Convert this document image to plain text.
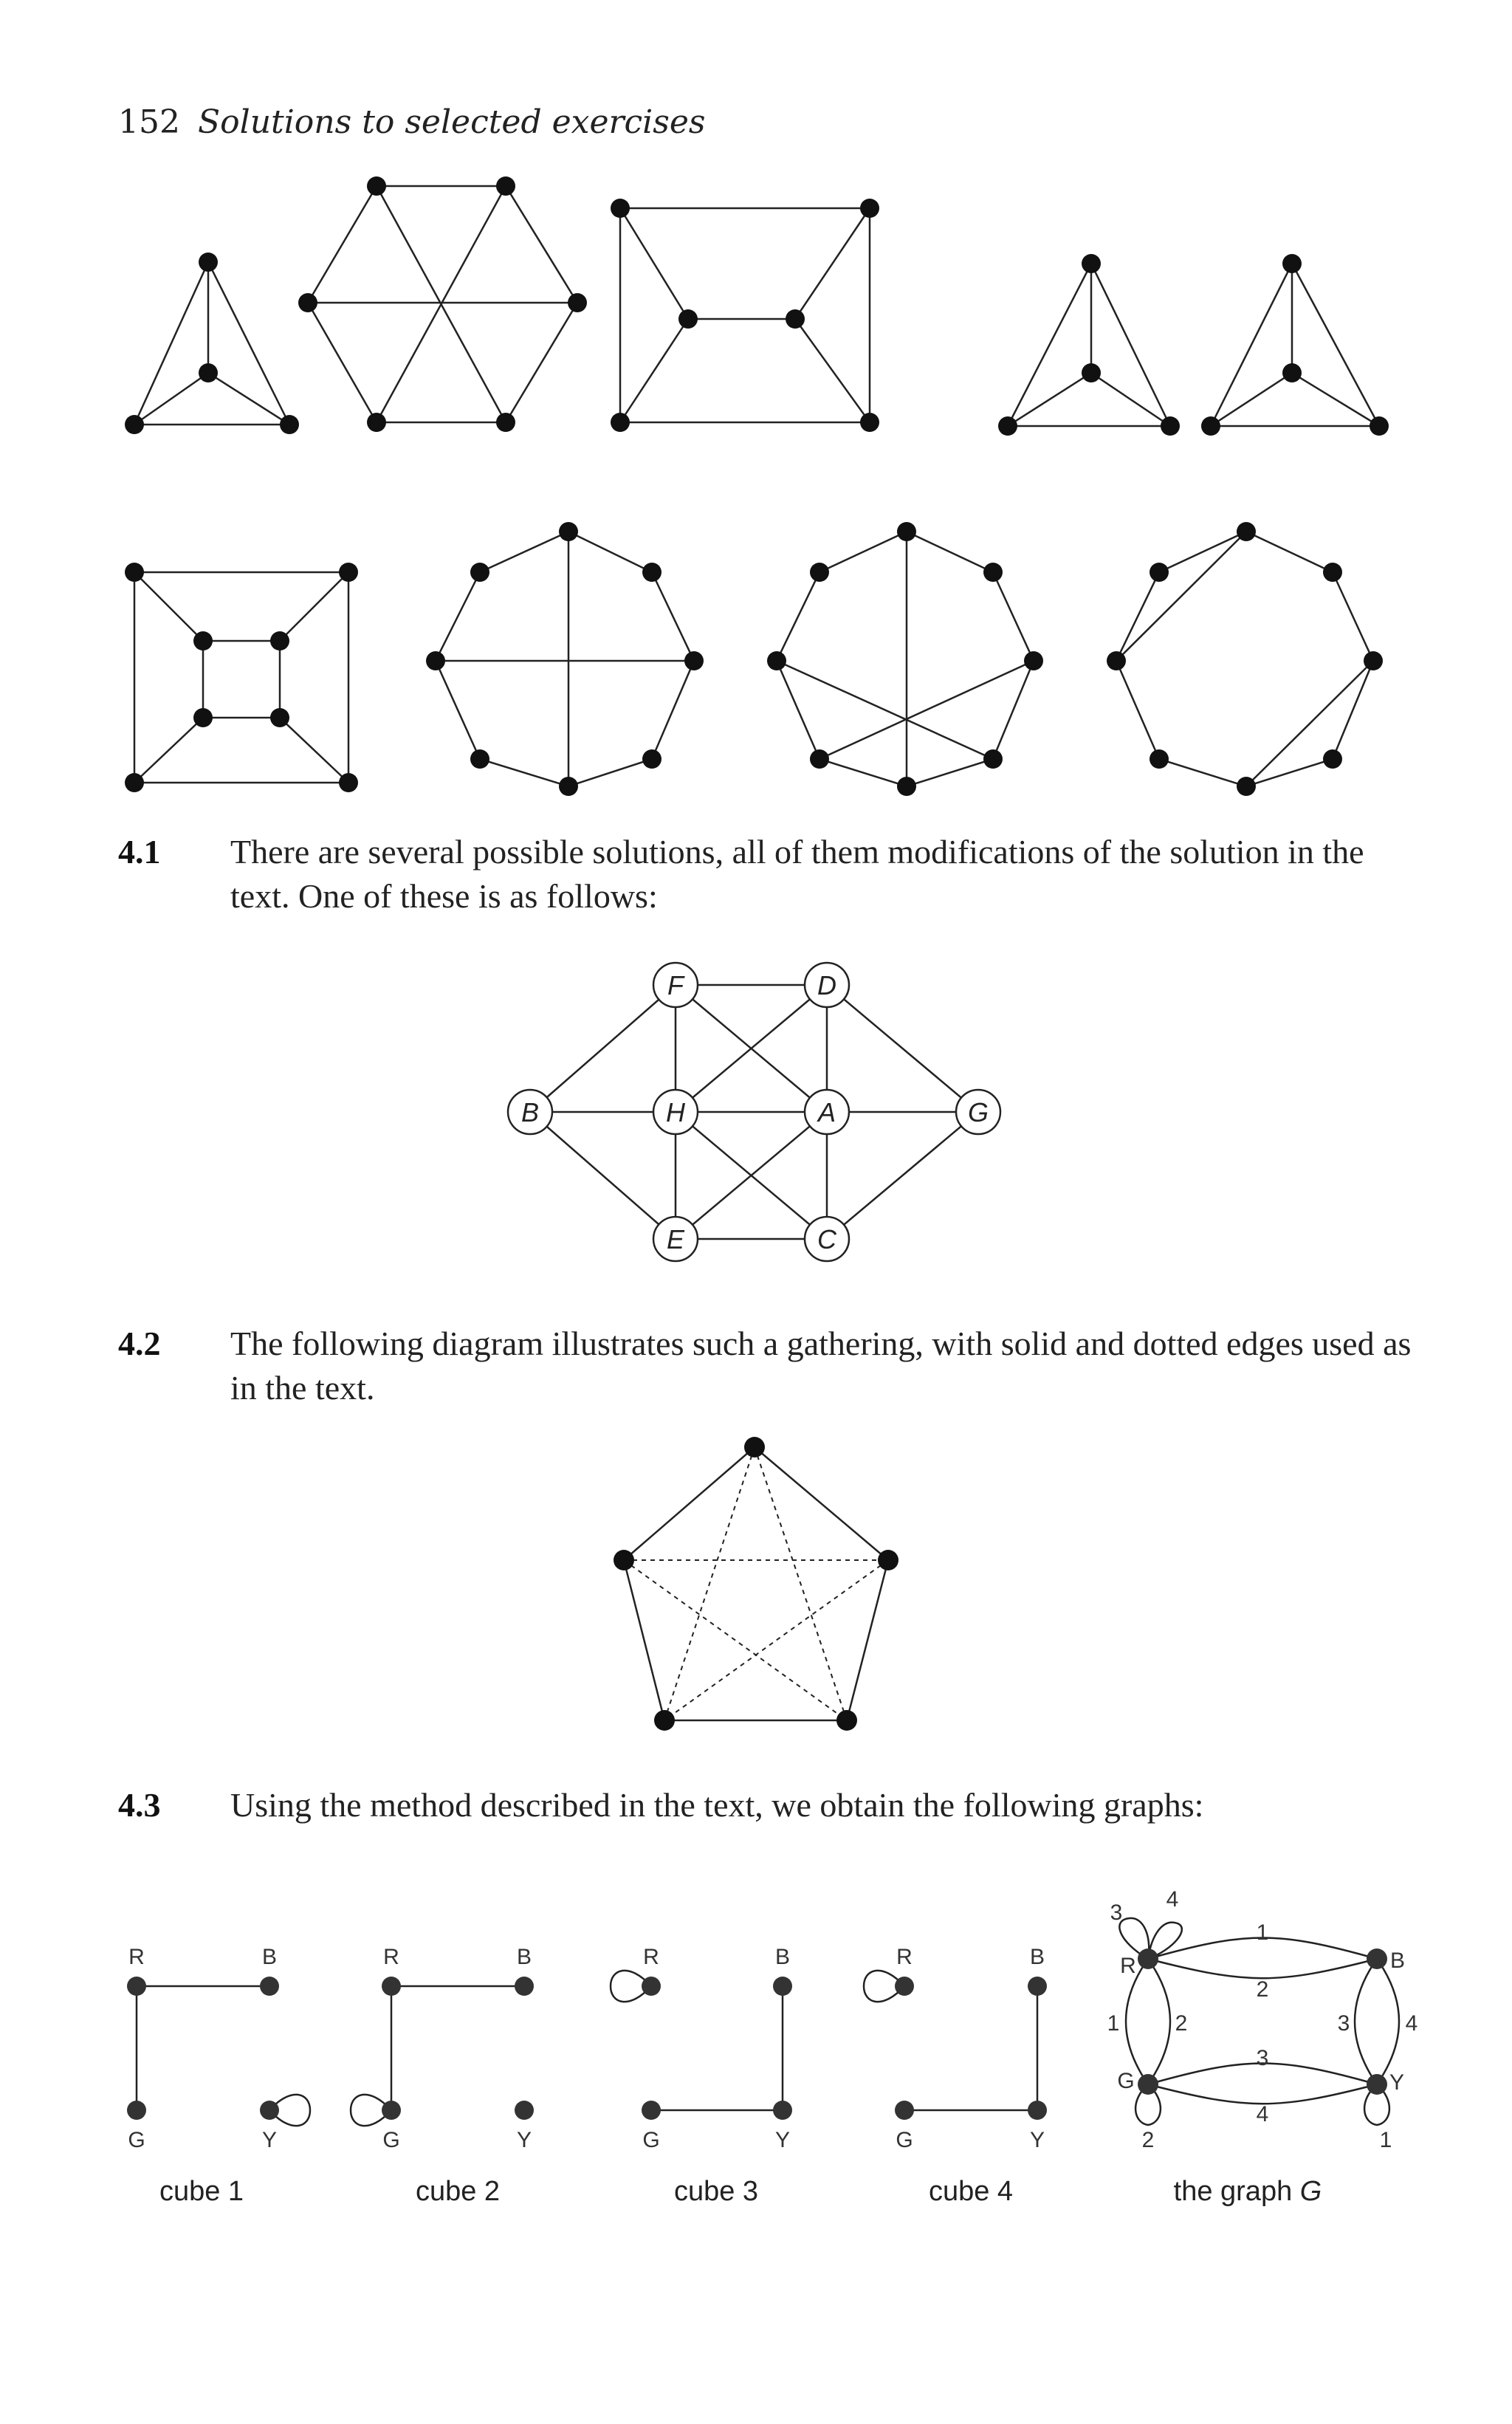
152 Solutions to selected exercises
4.1 There are several possible solutions, all of them modifications of the solution in the text. One of these is as follows:
F	D
B	H	A	G
E	C
4.2 The following diagram illustrates such a gathering, with solid and dotted edges used as in the text.
4.3 Using the method described in the text, we obtain the following graphs:
R	B
G	Y
R	B
G	Y
R	B
G	Y
R	B
G	Y
R	B
G	Y
3
4
1
2
1	2	3	4
3
4
2	1
cube 1	cube 2	cube 3	cube 4	the graph G
